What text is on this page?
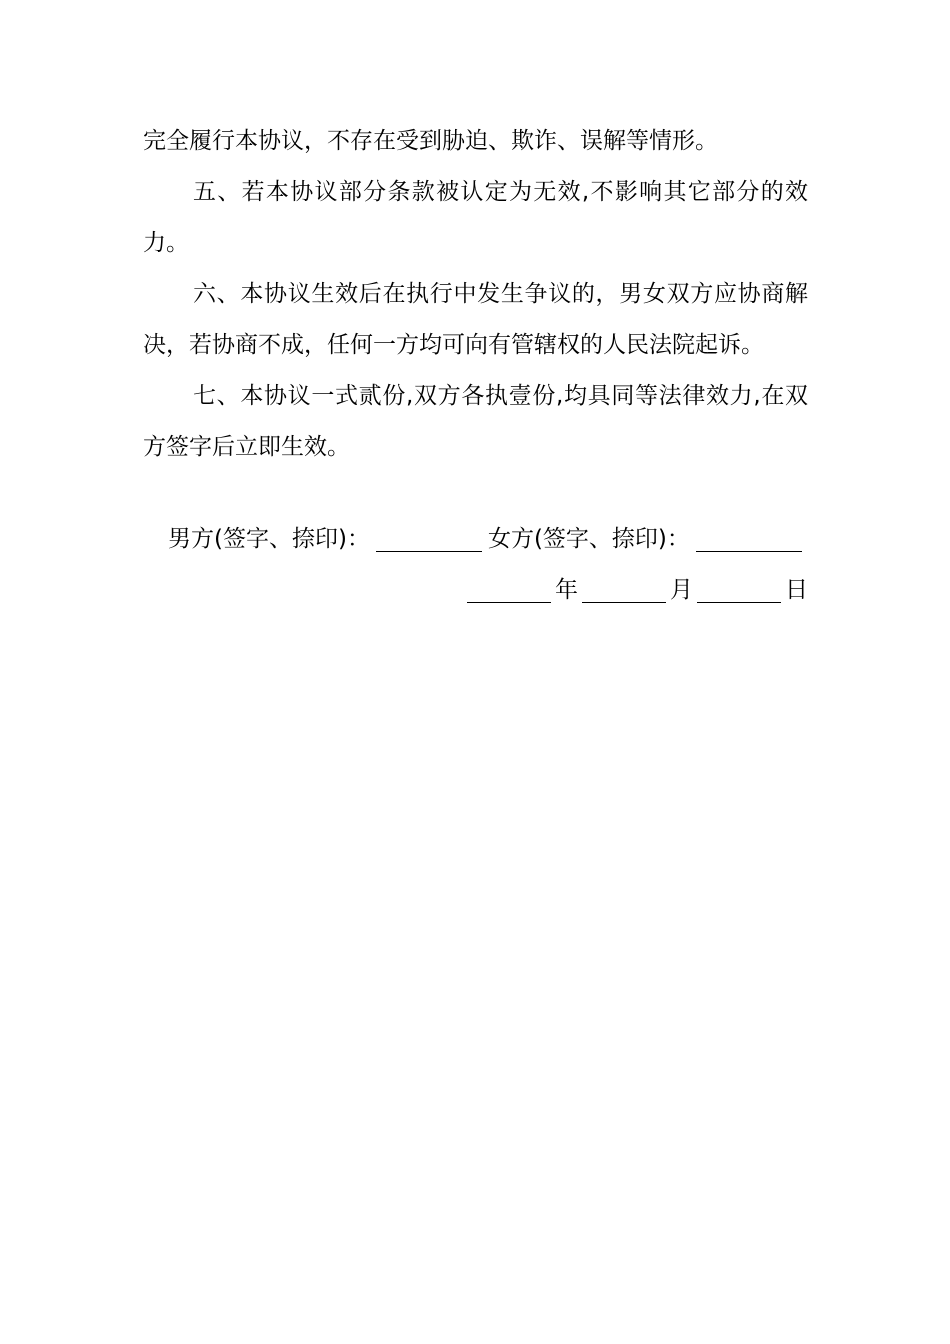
完全履行本协议，不存在受到胁迫、欺诈、误解等情形。

五、若本协议部分条款被认定为无效,不影响其它部分的效力。

六、本协议生效后在执行中发生争议的，男女双方应协商解决，若协商不成，任何一方均可向有管辖权的人民法院起诉。

七、本协议一式贰份,双方各执壹份,均具同等法律效力,在双方签字后立即生效。

男方(签字、捺印)：	女方(签字、捺印)：
年	月	日
